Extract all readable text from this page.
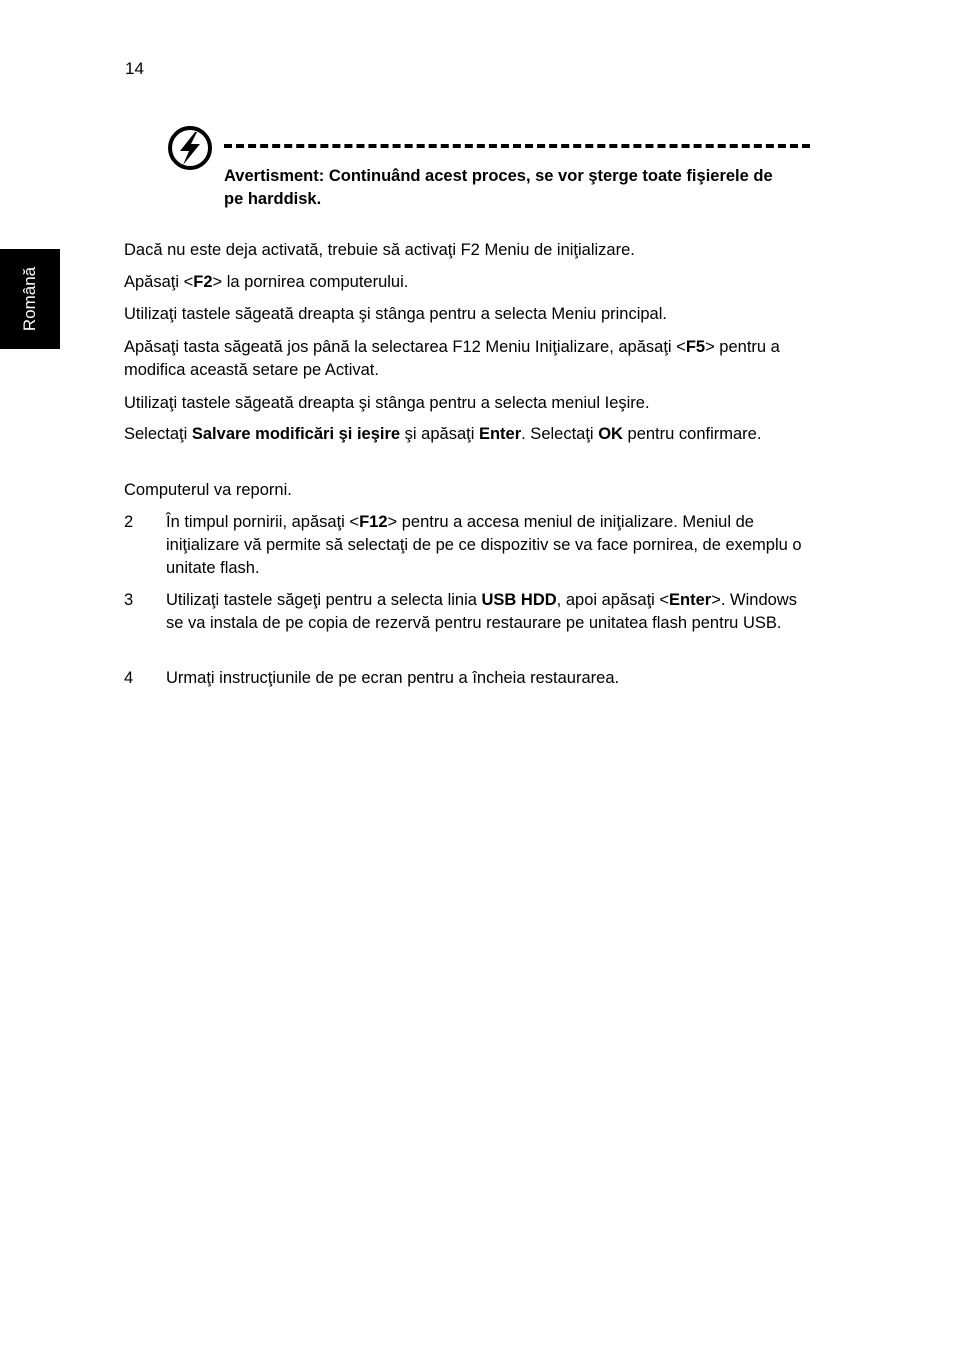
14
Română
Avertisment: Continuând acest proces, se vor şterge toate fişierele de pe harddisk.

Dacă nu este deja activată, trebuie să activaţi F2 Meniu de iniţializare.

Apăsaţi <F2> la pornirea computerului.

Utilizaţi tastele săgeată dreapta şi stânga pentru a selecta Meniu principal.

Apăsaţi tasta săgeată jos până la selectarea F12 Meniu Iniţializare, apăsaţi <F5> pentru a modifica această setare pe Activat.

Utilizaţi tastele săgeată dreapta şi stânga pentru a selecta meniul Ieşire.

Selectaţi Salvare modificări şi ieşire şi apăsaţi Enter. Selectaţi OK pentru confirmare.

Computerul va reporni.

2 În timpul pornirii, apăsaţi <F12> pentru a accesa meniul de iniţializare. Meniul de iniţializare vă permite să selectaţi de pe ce dispozitiv se va face pornirea, de exemplu o unitate flash.

3 Utilizaţi tastele săgeţi pentru a selecta linia USB HDD, apoi apăsaţi <Enter>. Windows se va instala de pe copia de rezervă pentru restaurare pe unitatea flash pentru USB.

4 Urmaţi instrucţiunile de pe ecran pentru a încheia restaurarea.
